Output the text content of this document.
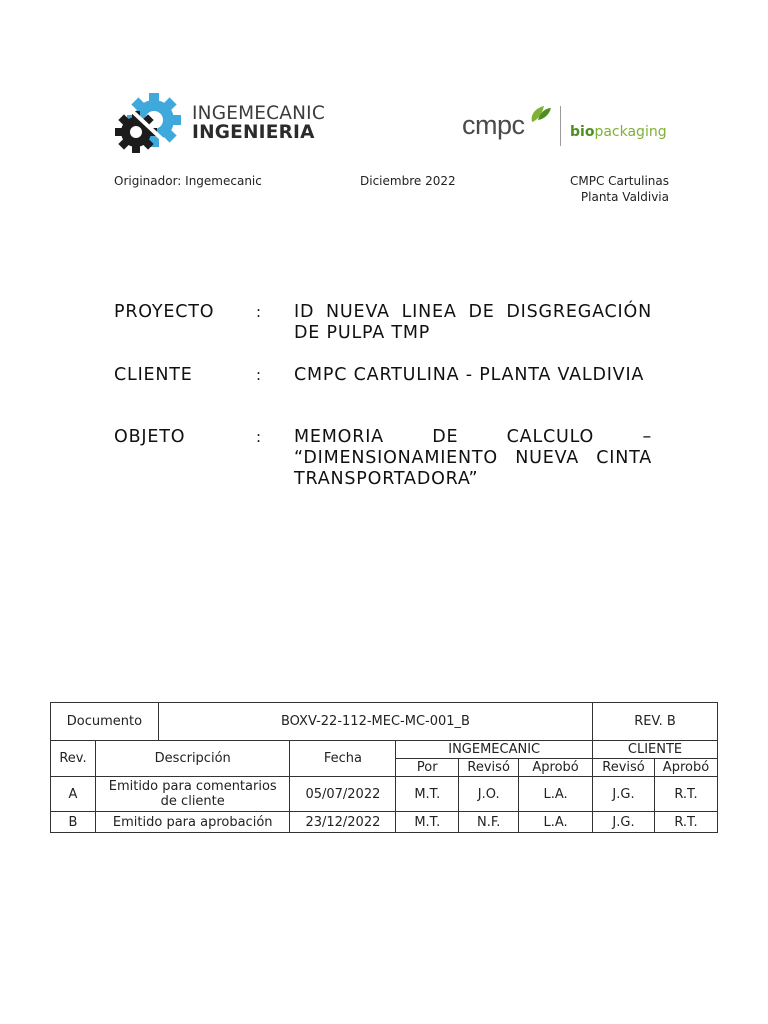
INGEMECANIC
INGENIERIA	cmpc	biopackaging
Originador: Ingemecanic	Diciembre 2022	CMPC Cartulinas
Planta Valdivia
PROYECTO	: ID NUEVA LINEA DE DISGREGACIÓN DE PULPA TMP
CLIENTE	: CMPC CARTULINA - PLANTA VALDIVIA
OBJETO	: MEMORIA DE CALCULO – “DIMENSIONAMIENTO NUEVA CINTA TRANSPORTADORA”
Documento		BOXV-22-112-MEC-MC-001_B					REV. B	
Rev.	Descripción		Fecha	INGEMECANIC			CLIENTE	
				Por	Revisó	Aprobó	Revisó	Aprobó
A	Emitido para comentarios de cliente		05/07/2022	M.T.	J.O.	L.A.	J.G.	R.T.
B	Emitido para aprobación		23/12/2022	M.T.	N.F.	L.A.	J.G.	R.T.
